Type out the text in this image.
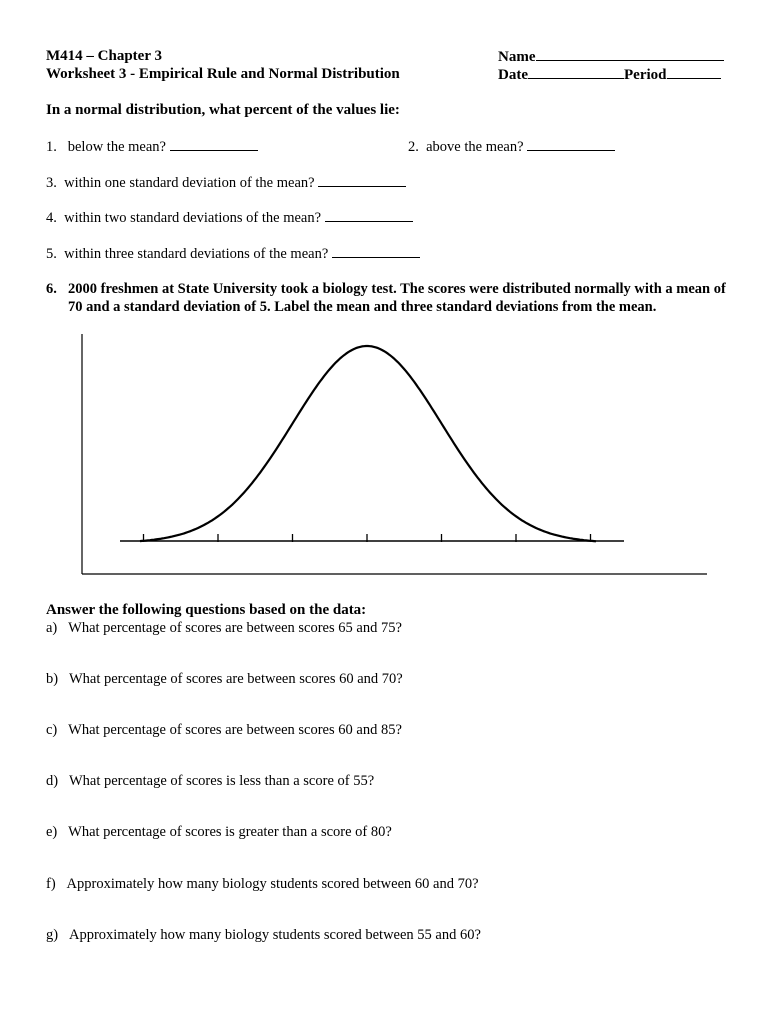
M414 – Chapter 3
Worksheet 3 - Empirical Rule and Normal Distribution
Name
Date	Period
In a normal distribution, what percent of the values lie:
1. below the mean?	2. above the mean?
3. within one standard deviation of the mean?
4. within two standard deviations of the mean?
5. within three standard deviations of the mean?
6. 2000 freshmen at State University took a biology test. The scores were distributed normally with a mean of 70 and a standard deviation of 5. Label the mean and three standard deviations from the mean.
Answer the following questions based on the data:
a) What percentage of scores are between scores 65 and 75?
b) What percentage of scores are between scores 60 and 70?
c) What percentage of scores are between scores 60 and 85?
d) What percentage of scores is less than a score of 55?
e) What percentage of scores is greater than a score of 80?
f) Approximately how many biology students scored between 60 and 70?
g) Approximately how many biology students scored between 55 and 60?
